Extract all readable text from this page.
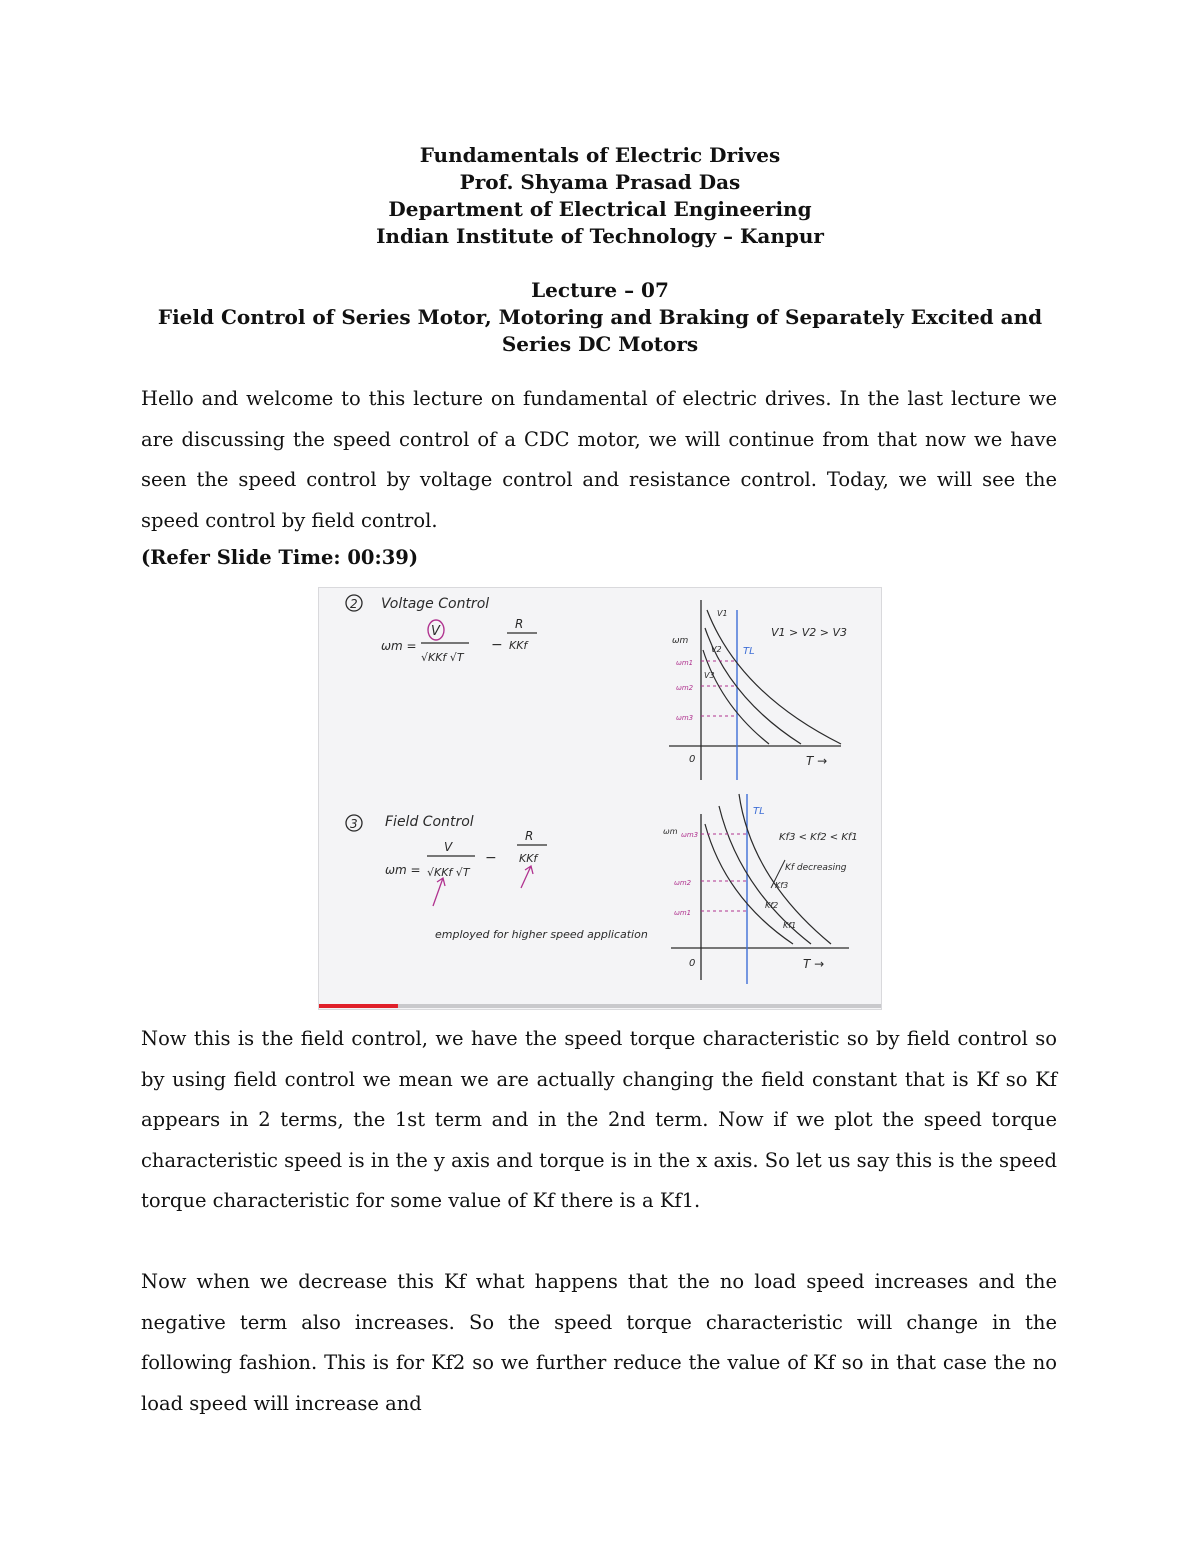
Fundamentals of Electric Drives
Prof. Shyama Prasad Das
Department of Electrical Engineering
Indian Institute of Technology – Kanpur
Lecture – 07
Field Control of Series Motor, Motoring and Braking of Separately Excited and Series DC Motors

Hello and welcome to this lecture on fundamental of electric drives. In the last lecture we are discussing the speed control of a CDC motor, we will continue from that now we have seen the speed control by voltage control and resistance control. Today, we will see the speed control by field control.

(Refer Slide Time: 00:39)
2 Voltage Control
ωm =
V
√KKf √T
−
R
KKf	ωm
0	T →
V1 > V2 > V3
TL
V1
V2
V3
ωm1
ωm2
ωm3
3 Field Control
ωm =
V
√KKf √T
−
R
KKf
employed for higher speed application
ωm
0	T →
Kf3 < Kf2 < Kf1
Kf decreasing
TL
Kf3
Kf2
Kf1
ωm3
ωm2
ωm1

Now this is the field control, we have the speed torque characteristic so by field control so by using field control we mean we are actually changing the field constant that is Kf so Kf appears in 2 terms, the 1st term and in the 2nd term. Now if we plot the speed torque characteristic speed is in the y axis and torque is in the x axis. So let us say this is the speed torque characteristic for some value of Kf there is a Kf1.

Now when we decrease this Kf what happens that the no load speed increases and the negative term also increases. So the speed torque characteristic will change in the following fashion. This is for Kf2 so we further reduce the value of Kf so in that case the no load speed will increase and
